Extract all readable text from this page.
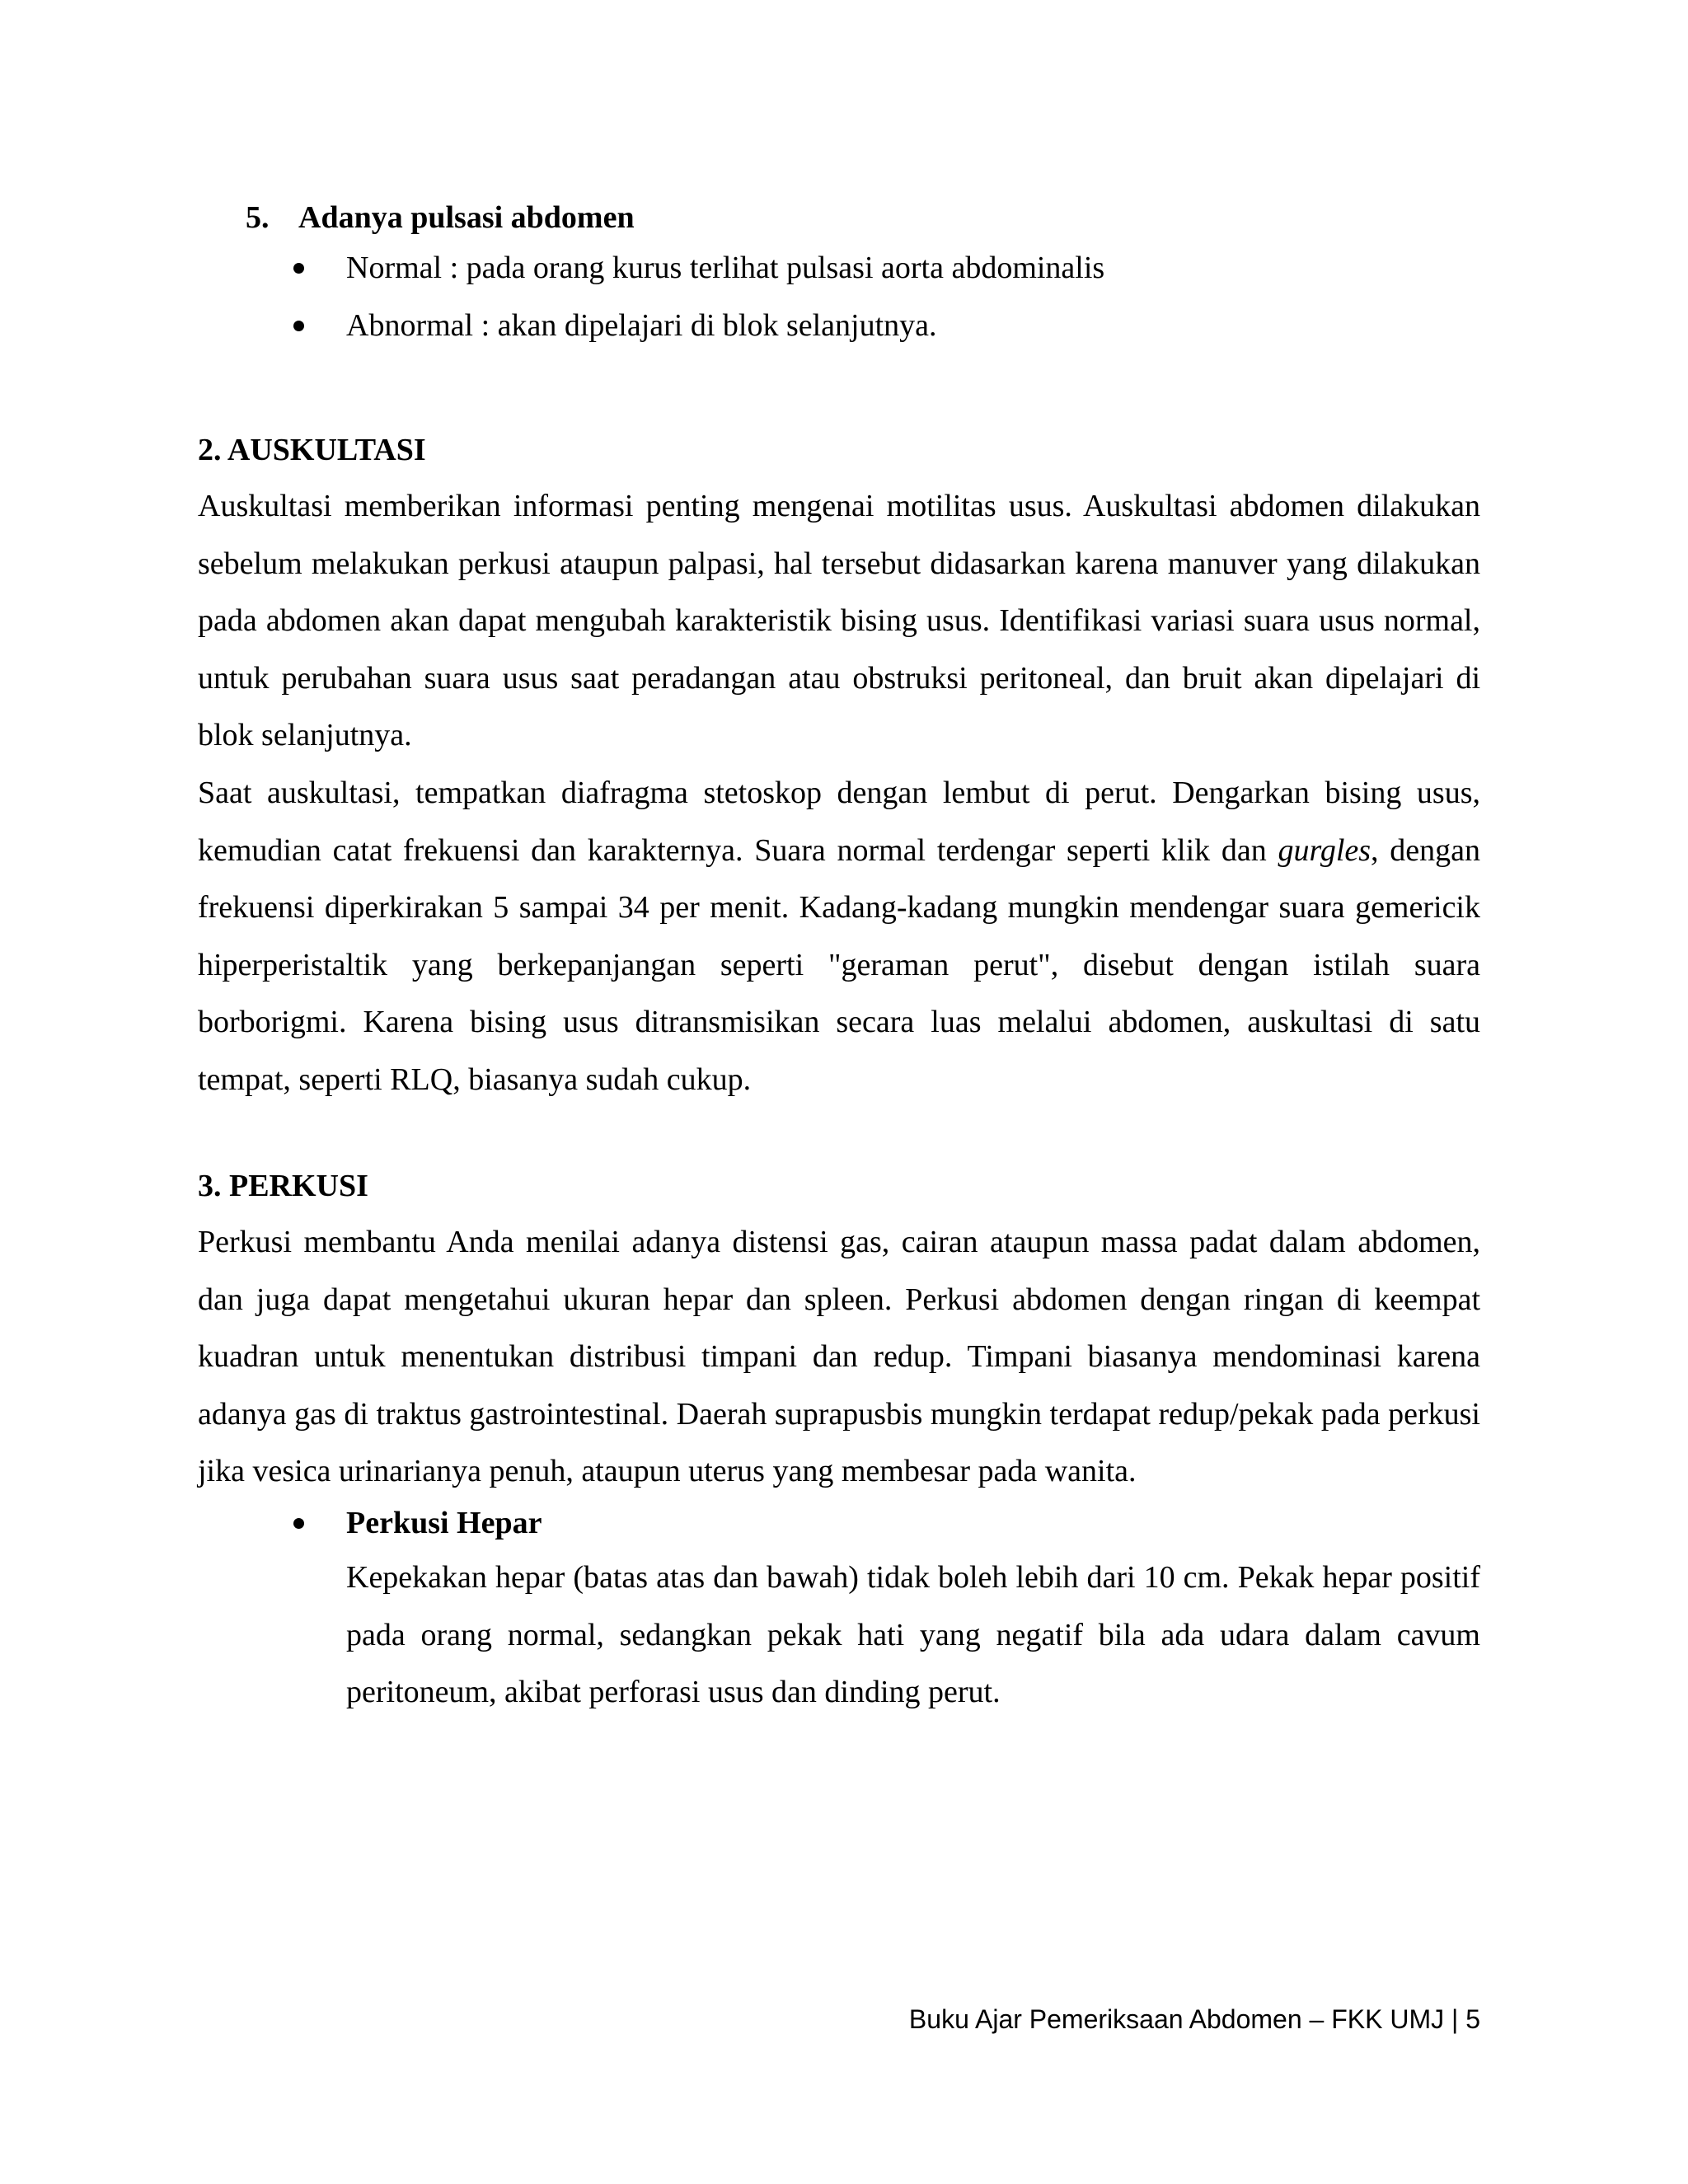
5. Adanya pulsasi abdomen
Normal : pada orang kurus terlihat pulsasi aorta abdominalis
Abnormal : akan dipelajari di blok selanjutnya.
2. AUSKULTASI

Auskultasi memberikan informasi penting mengenai motilitas usus. Auskultasi abdomen dilakukan sebelum melakukan perkusi ataupun palpasi, hal tersebut didasarkan karena manuver yang dilakukan pada abdomen akan dapat mengubah karakteristik bising usus. Identifikasi variasi suara usus normal, untuk perubahan suara usus saat peradangan atau obstruksi peritoneal, dan bruit akan dipelajari di blok selanjutnya.

Saat auskultasi, tempatkan diafragma stetoskop dengan lembut di perut. Dengarkan bising usus, kemudian catat frekuensi dan karakternya. Suara normal terdengar seperti klik dan gurgles, dengan frekuensi diperkirakan 5 sampai 34 per menit. Kadang-kadang mungkin mendengar suara gemericik hiperperistaltik yang berkepanjangan seperti "geraman perut", disebut dengan istilah suara borborigmi. Karena bising usus ditransmisikan secara luas melalui abdomen, auskultasi di satu tempat, seperti RLQ, biasanya sudah cukup.

3. PERKUSI

Perkusi membantu Anda menilai adanya distensi gas, cairan ataupun massa padat dalam abdomen, dan juga dapat mengetahui ukuran hepar dan spleen. Perkusi abdomen dengan ringan di keempat kuadran untuk menentukan distribusi timpani dan redup. Timpani biasanya mendominasi karena adanya gas di traktus gastrointestinal. Daerah suprapusbis mungkin terdapat redup/pekak pada perkusi jika vesica urinarianya penuh, ataupun uterus yang membesar pada wanita.

Perkusi Hepar

Kepekakan hepar (batas atas dan bawah) tidak boleh lebih dari 10 cm. Pekak hepar positif pada orang normal, sedangkan pekak hati yang negatif bila ada udara dalam cavum peritoneum, akibat perforasi usus dan dinding perut.

Buku Ajar Pemeriksaan Abdomen – FKK UMJ | 5
